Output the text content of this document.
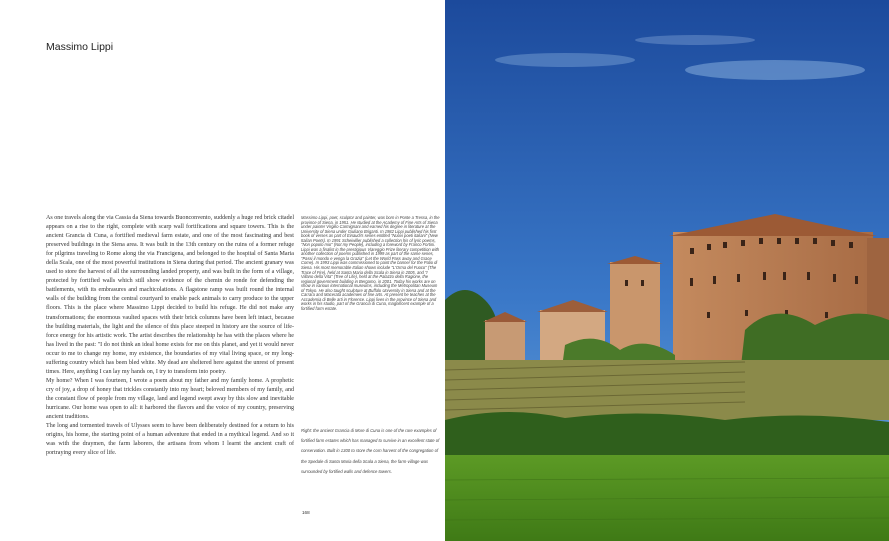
Massimo Lippi

As one travels along the via Cassia da Siena towards Buonconvento, suddenly a huge red brick citadel appears on a rise to the right, complete with scarp wall fortifications and square towers. This is the ancient Grancia di Cuna, a fortified medieval farm estate, and one of the most fascinating and best preserved buildings in the Siena area. It was built in the 13th century on the ruins of a former refuge for pilgrims traveling to Rome along the via Francigena, and belonged to the hospital of Santa Maria della Scala, one of the most powerful institutions in Siena during that period. The ancient granary was used to store the harvest of all the surrounding landed property, and was built in the form of a village, protected by fortified walls which still show evidence of the chemin de ronde for defending the battlements, with its embrasures and machicolations. A flagstone ramp was built round the internal walls of the building from the central courtyard to enable pack animals to carry produce to the upper floors. This is the place where Massimo Lippi decided to build his refuge. He did not make any transformations; the enormous vaulted spaces with their brick columns have been left intact, because the building materials, the light and the silence of this place steeped in history are the source of life-force energy for his artistic work. The artist describes the relationship he has with the places where he has lived in the past: "I do not think an ideal home exists for me on this planet, and yet it would never occur to me to change my home, my existence, the boundaries of my vital living space, or my long-suffering country which has been bled white. My dead are sheltered here against the unrest of present times. Here, anything I can lay my hands on, I try to transform into poetry.

My home? When I was fourteen, I wrote a poem about my father and my family home. A prophetic cry of joy, a drop of honey that trickles constantly into my heart; beloved members of my family, and the constant flow of people from my village, land and legend swept away by this slow and inevitable hurricane. Our home was open to all: it harbored the flavors and the voice of my country, preserving ancient traditions.

The long and tormented travels of Ulysses seem to have been deliberately destined for a return to his origins, his home, the starting point of a human adventure that ended in a mythical legend. And so it was with the draymen, the farm laborers, the artisans from whom I learnt the ancient craft of portraying every slice of life.

Massimo Lippi, poet, sculptor and painter, was born in Ponte a Tressa, in the province of Siena, in 1951. He studied at the Academy of Fine Arts of Siena under painter Virgilio Carmignani and earned his degree in literature at the University of Siena under Giuliano Briganti. In 1982 Lippi published his first book of verses as part of Einaudi's series entitled "Nuovi poeti italiani" (New Italian Poets). In 1991 Scheiwiller published a collection his of lyric poems, "Non popolo mio" (Not my People), including a foreword by Franco Fortini. Lippi was a finalist in the prestigious Viareggio Prize literary competition with another collection of poems published in 1999 as part of the same series, "Passi il mondo e venga la Grazia" (Let the World Pass away and Grace Come). In 1993 Lippi was commissioned to paint the banner for the Palio di Siena. His most memorable Italian shows include "L'Orma del Fuoco" (The Trace of Fire), held at Santa Maria della Scala in Siena in 2005, and "I Villano della Vita" (Tree of Life), held at the Palazzo della Ragione, the regional government building in Bergamo, in 2001. Today his works are on show in various international museums, including the Metropolitan Museum of Tokyo. He also taught sculpture at Buffalo University in Siena and at the Carrara and Macerata academies of fine arts. At present he teaches at the Accademia di Belle arti in Florence. Lippi lives in the province of Siena and works in his studio, part of the Grancia di Cuna, magnificent example of a fortified farm estate.
Right: the ancient Grancia di More di Cuna is one of the rare examples of fortified farm estates which has managed to survive in an excellent state of conservation. Built in 1300 to store the corn harvest of the congregation of the Spedale di Santa Maria della Scala a Siena, the farm-village was surrounded by fortified walls and defence towers.
168
